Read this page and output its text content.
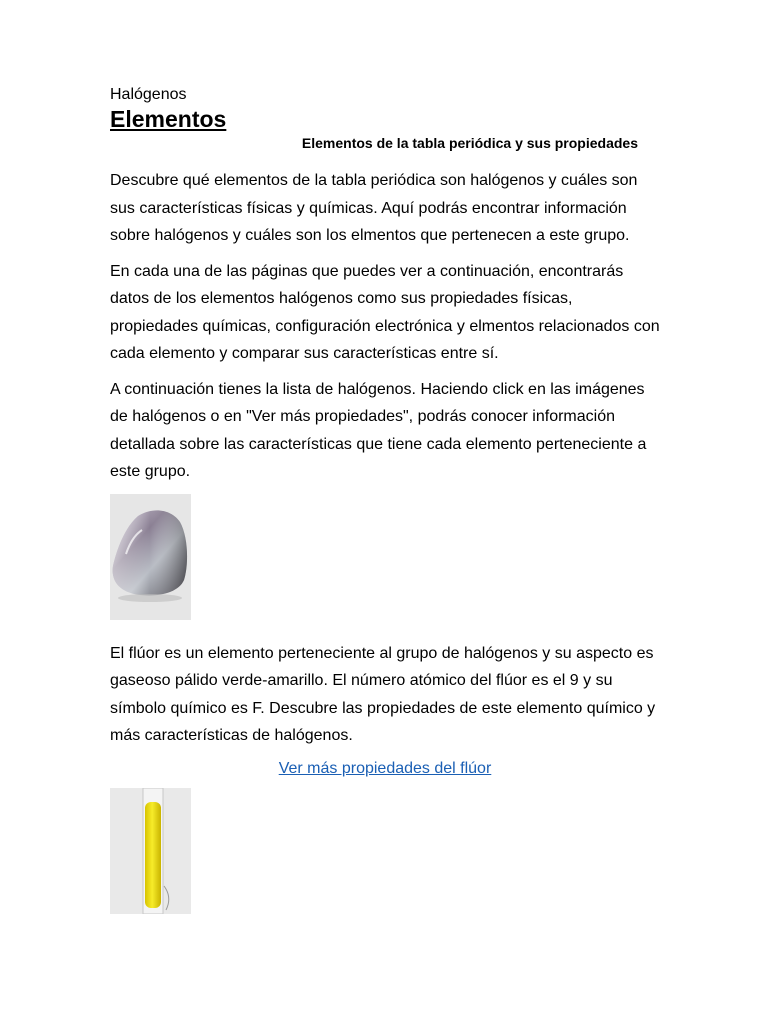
Halógenos
Elementos
Elementos de la tabla periódica y sus propiedades

Descubre qué elementos de la tabla periódica son halógenos y cuáles son sus características físicas y químicas. Aquí podrás encontrar información sobre halógenos y cuáles son los elmentos que pertenecen a este grupo.

En cada una de las páginas que puedes ver a continuación, encontrarás datos de los elementos halógenos como sus propiedades físicas, propiedades químicas, configuración electrónica y elmentos relacionados con cada elemento y comparar sus características entre sí.

A continuación tienes la lista de halógenos. Haciendo click en las imágenes de halógenos o en "Ver más propiedades", podrás conocer información detallada sobre las características que tiene cada elemento perteneciente a este grupo.

El flúor es un elemento perteneciente al grupo de halógenos y su aspecto es gaseoso pálido verde-amarillo. El número atómico del flúor es el 9 y su símbolo químico es F. Descubre las propiedades de este elemento químico y más características de halógenos.

Ver más propiedades del flúor
